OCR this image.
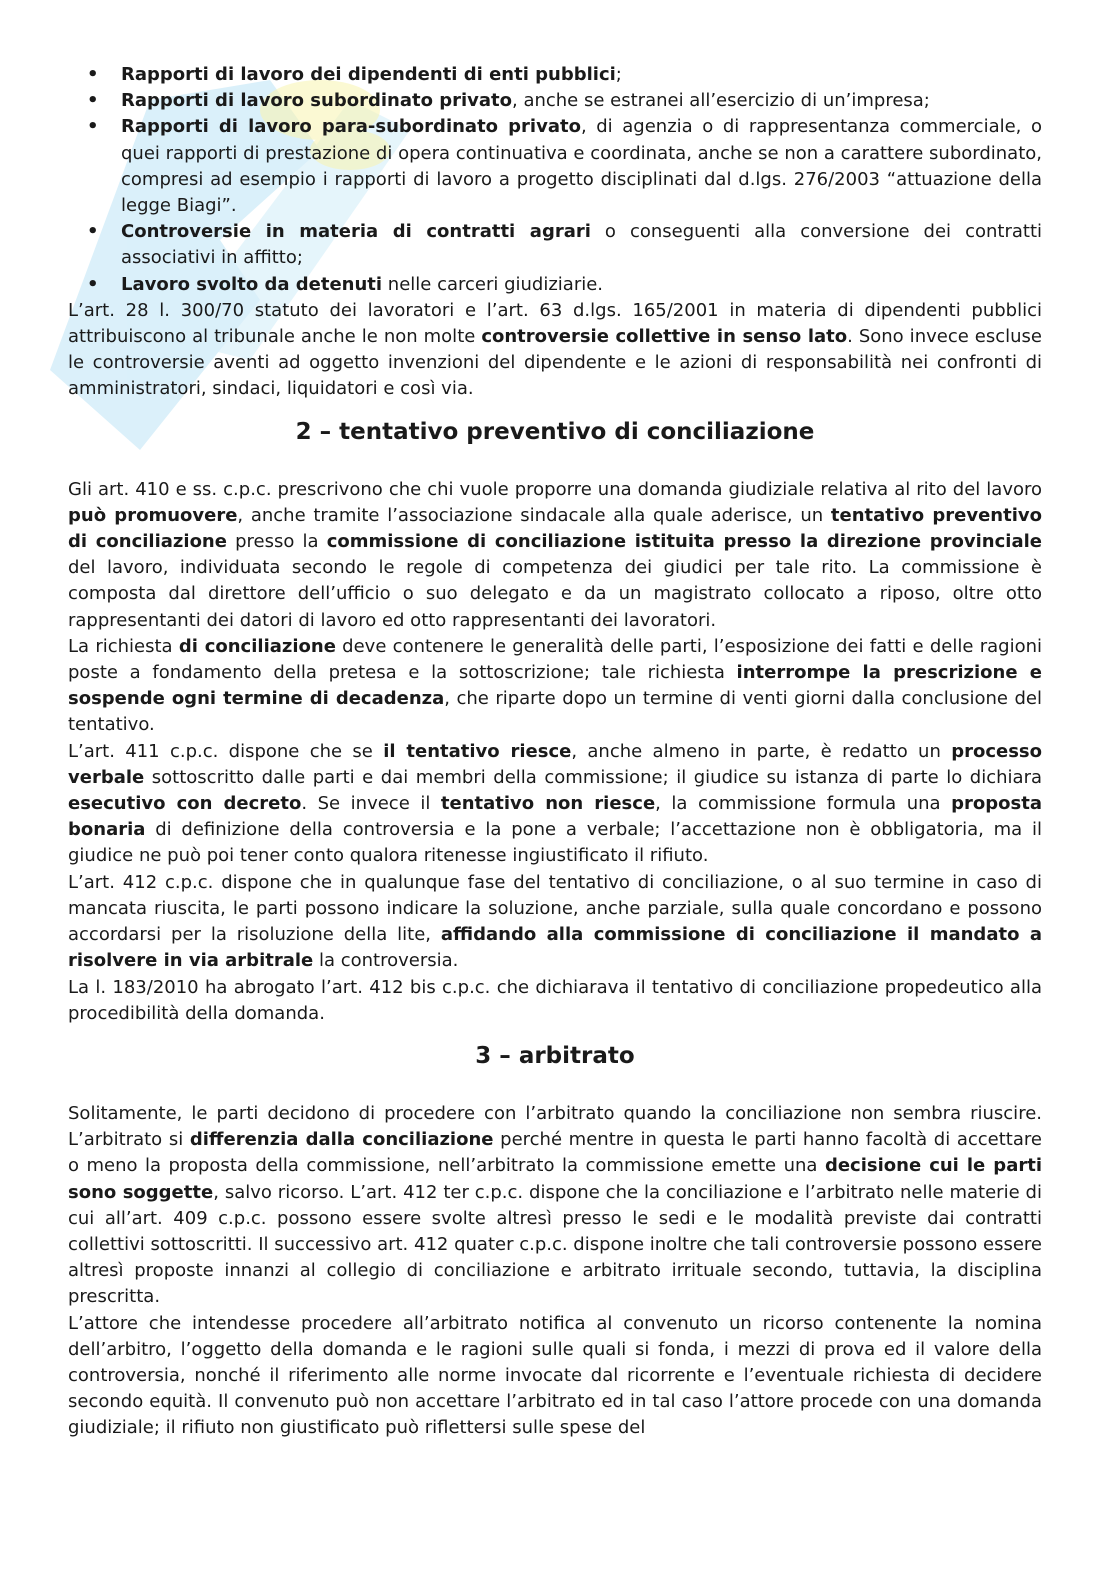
• Rapporti di lavoro dei dipendenti di enti pubblici;
• Rapporti di lavoro subordinato privato, anche se estranei all’esercizio di un’impresa;
• Rapporti di lavoro para-subordinato privato, di agenzia o di rappresentanza commerciale, o quei rapporti di prestazione di opera continuativa e coordinata, anche se non a carattere subordinato, compresi ad esempio i rapporti di lavoro a progetto disciplinati dal d.lgs. 276/2003 “attuazione della legge Biagi”.
• Controversie in materia di contratti agrari o conseguenti alla conversione dei contratti associativi in affitto;
• Lavoro svolto da detenuti nelle carceri giudiziarie.

L’art. 28 l. 300/70 statuto dei lavoratori e l’art. 63 d.lgs. 165/2001 in materia di dipendenti pubblici attribuiscono al tribunale anche le non molte controversie collettive in senso lato. Sono invece escluse le controversie aventi ad oggetto invenzioni del dipendente e le azioni di responsabilità nei confronti di amministratori, sindaci, liquidatori e così via.

2 – tentativo preventivo di conciliazione

Gli art. 410 e ss. c.p.c. prescrivono che chi vuole proporre una domanda giudiziale relativa al rito del lavoro può promuovere, anche tramite l’associazione sindacale alla quale aderisce, un tentativo preventivo di conciliazione presso la commissione di conciliazione istituita presso la direzione provinciale del lavoro, individuata secondo le regole di competenza dei giudici per tale rito. La commissione è composta dal direttore dell’ufficio o suo delegato e da un magistrato collocato a riposo, oltre otto rappresentanti dei datori di lavoro ed otto rappresentanti dei lavoratori.

La richiesta di conciliazione deve contenere le generalità delle parti, l’esposizione dei fatti e delle ragioni poste a fondamento della pretesa e la sottoscrizione; tale richiesta interrompe la prescrizione e sospende ogni termine di decadenza, che riparte dopo un termine di venti giorni dalla conclusione del tentativo.

L’art. 411 c.p.c. dispone che se il tentativo riesce, anche almeno in parte, è redatto un processo verbale sottoscritto dalle parti e dai membri della commissione; il giudice su istanza di parte lo dichiara esecutivo con decreto. Se invece il tentativo non riesce, la commissione formula una proposta bonaria di definizione della controversia e la pone a verbale; l’accettazione non è obbligatoria, ma il giudice ne può poi tener conto qualora ritenesse ingiustificato il rifiuto.

L’art. 412 c.p.c. dispone che in qualunque fase del tentativo di conciliazione, o al suo termine in caso di mancata riuscita, le parti possono indicare la soluzione, anche parziale, sulla quale concordano e possono accordarsi per la risoluzione della lite, affidando alla commissione di conciliazione il mandato a risolvere in via arbitrale la controversia.

La l. 183/2010 ha abrogato l’art. 412 bis c.p.c. che dichiarava il tentativo di conciliazione propedeutico alla procedibilità della domanda.

3 – arbitrato

Solitamente, le parti decidono di procedere con l’arbitrato quando la conciliazione non sembra riuscire. L’arbitrato si differenzia dalla conciliazione perché mentre in questa le parti hanno facoltà di accettare o meno la proposta della commissione, nell’arbitrato la commissione emette una decisione cui le parti sono soggette, salvo ricorso. L’art. 412 ter c.p.c. dispone che la conciliazione e l’arbitrato nelle materie di cui all’art. 409 c.p.c. possono essere svolte altresì presso le sedi e le modalità previste dai contratti collettivi sottoscritti. Il successivo art. 412 quater c.p.c. dispone inoltre che tali controversie possono essere altresì proposte innanzi al collegio di conciliazione e arbitrato irrituale secondo, tuttavia, la disciplina prescritta.

L’attore che intendesse procedere all’arbitrato notifica al convenuto un ricorso contenente la nomina dell’arbitro, l’oggetto della domanda e le ragioni sulle quali si fonda, i mezzi di prova ed il valore della controversia, nonché il riferimento alle norme invocate dal ricorrente e l’eventuale richiesta di decidere secondo equità. Il convenuto può non accettare l’arbitrato ed in tal caso l’attore procede con una domanda giudiziale; il rifiuto non giustificato può riflettersi sulle spese del
